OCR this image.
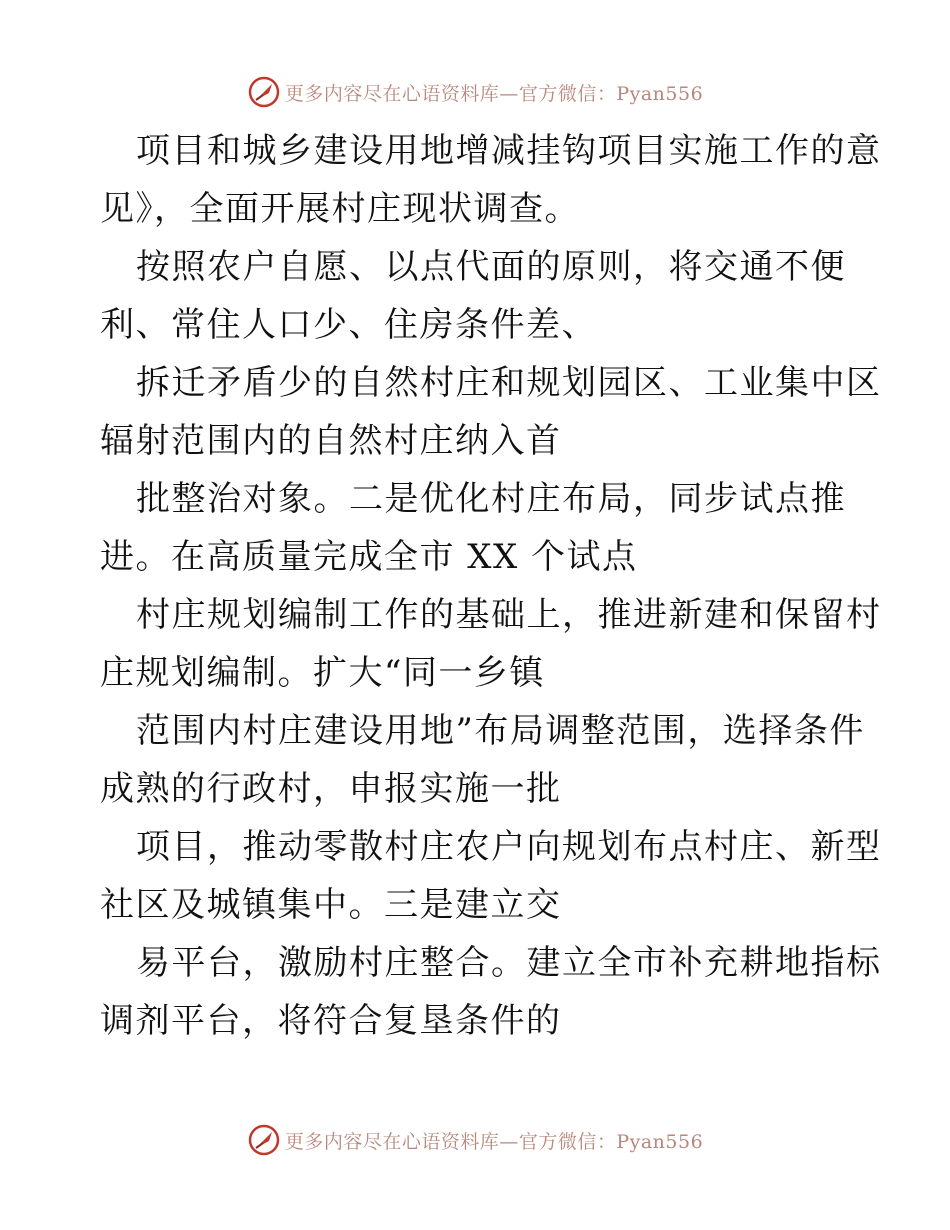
更多内容尽在心语资料库—官方微信：Pyan556
项目和城乡建设用地增减挂钩项目实施工作的意
见》，全面开展村庄现状调查。
按照农户自愿、以点代面的原则，将交通不便
利、常住人口少、住房条件差、
拆迁矛盾少的自然村庄和规划园区、工业集中区
辐射范围内的自然村庄纳入首
批整治对象。二是优化村庄布局，同步试点推
进。在高质量完成全市 XX 个试点
村庄规划编制工作的基础上，推进新建和保留村
庄规划编制。扩大“同一乡镇
范围内村庄建设用地”布局调整范围，选择条件
成熟的行政村，申报实施一批
项目，推动零散村庄农户向规划布点村庄、新型
社区及城镇集中。三是建立交
易平台，激励村庄整合。建立全市补充耕地指标
调剂平台，将符合复垦条件的
更多内容尽在心语资料库—官方微信：Pyan556
